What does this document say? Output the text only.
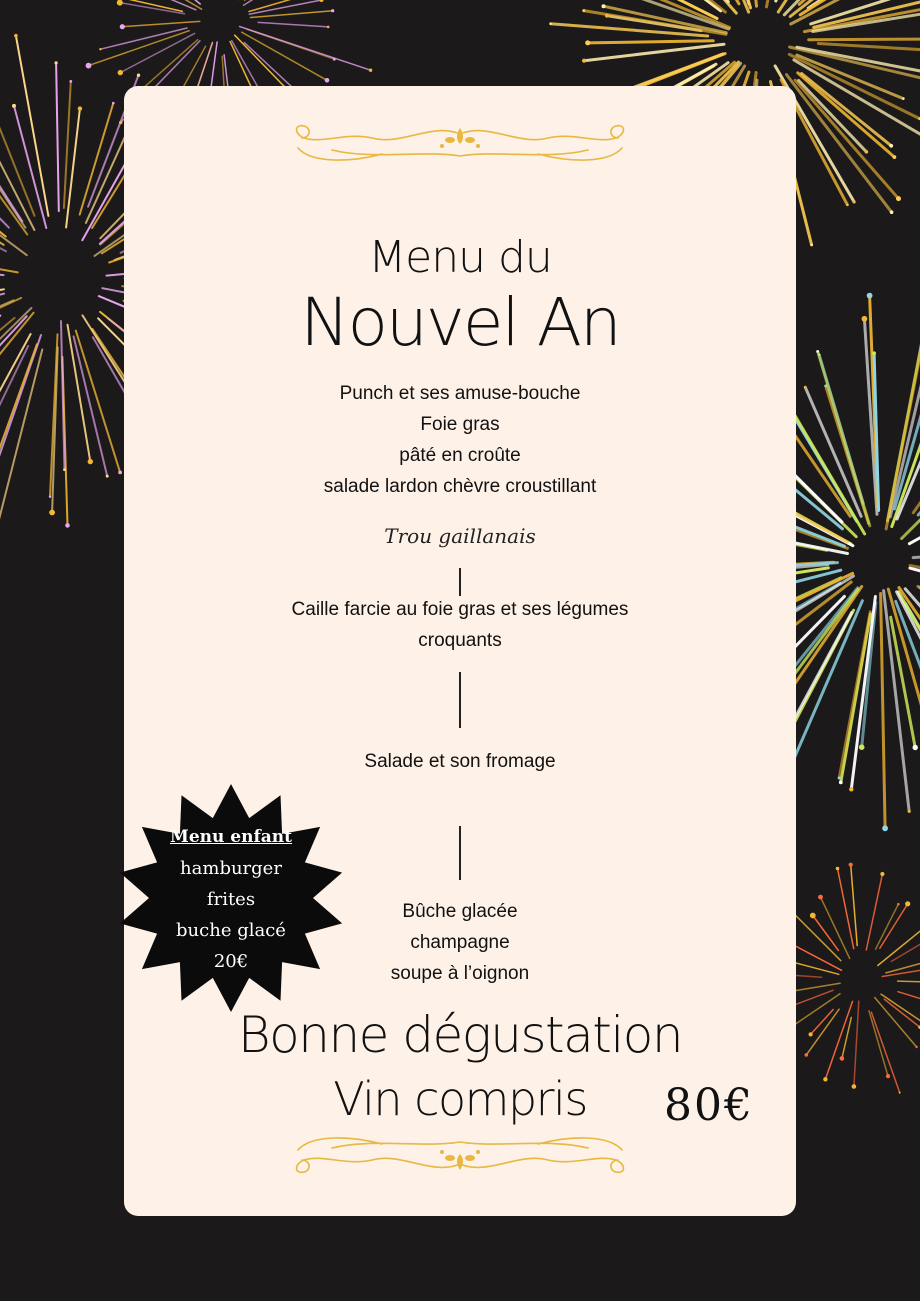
Menu du
Nouvel An
Punch et ses amuse-bouche
Foie gras
pâté en croûte
salade lardon chèvre croustillant
Trou gaillanais
Caille farcie au foie gras et ses légumes
croquants
Salade et son fromage
Bûche glacée
champagne
soupe à l’oignon
Bonne dégustation
Vin compris	80€
Menu enfant
hamburger
frites
buche glacé
20€
